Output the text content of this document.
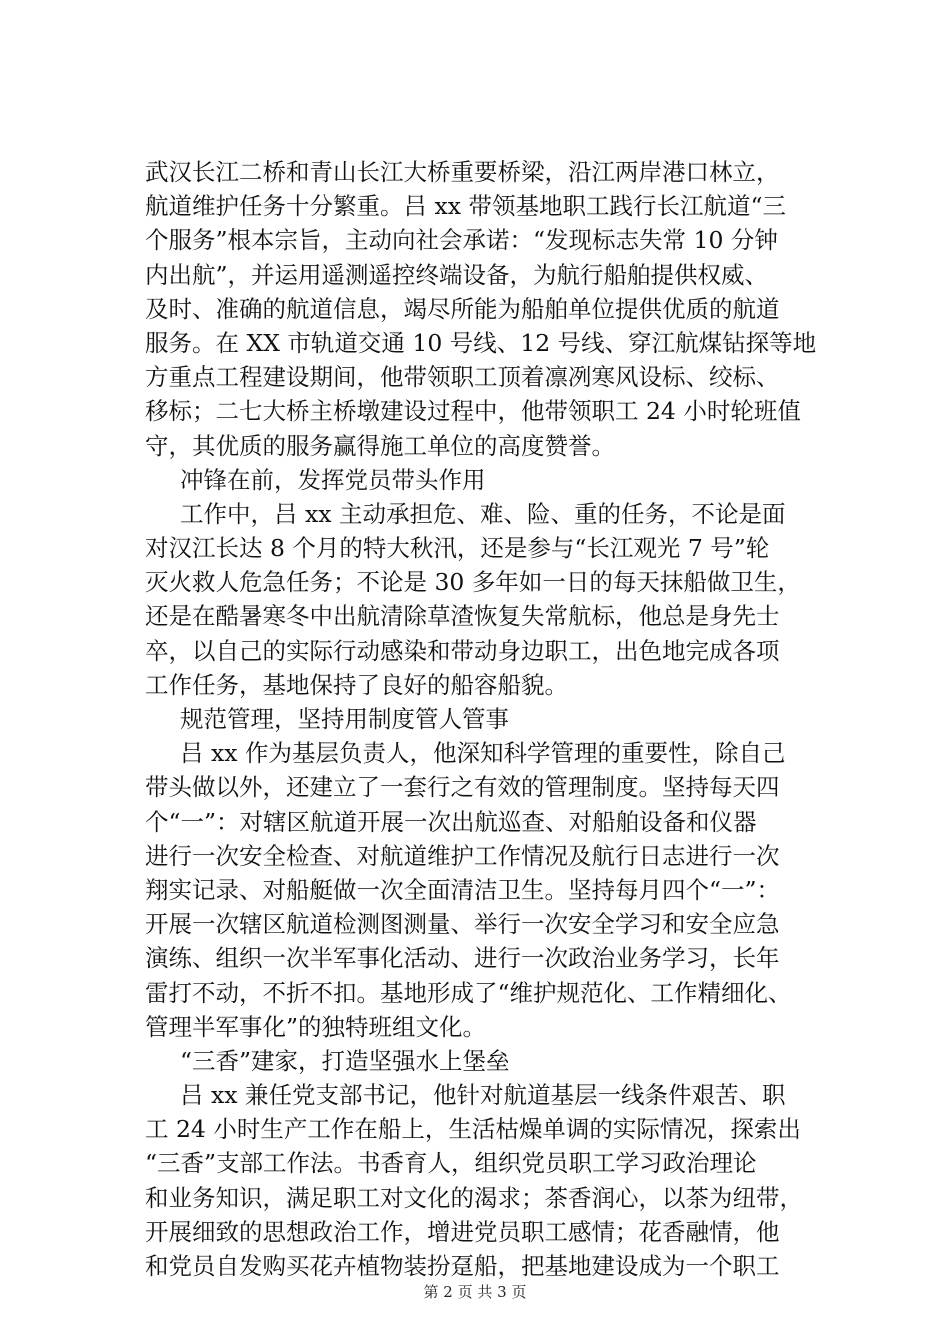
武汉长江二桥和青山长江大桥重要桥梁，沿江两岸港口林立，
航道维护任务十分繁重。吕 xx 带领基地职工践行长江航道“三
个服务”根本宗旨，主动向社会承诺：“发现标志失常 10 分钟
内出航”，并运用遥测遥控终端设备，为航行船舶提供权威、
及时、准确的航道信息，竭尽所能为船舶单位提供优质的航道
服务。在 XX 市轨道交通 10 号线、12 号线、穿江航煤钻探等地
方重点工程建设期间，他带领职工顶着凛冽寒风设标、绞标、
移标；二七大桥主桥墩建设过程中，他带领职工 24 小时轮班值
守，其优质的服务赢得施工单位的高度赞誉。
冲锋在前，发挥党员带头作用
工作中，吕 xx 主动承担危、难、险、重的任务，不论是面
对汉江长达 8 个月的特大秋汛，还是参与“长江观光 7 号”轮
灭火救人危急任务；不论是 30 多年如一日的每天抹船做卫生，
还是在酷暑寒冬中出航清除草渣恢复失常航标，他总是身先士
卒，以自己的实际行动感染和带动身边职工，出色地完成各项
工作任务，基地保持了良好的船容船貌。
规范管理，坚持用制度管人管事
吕 xx 作为基层负责人，他深知科学管理的重要性，除自己
带头做以外，还建立了一套行之有效的管理制度。坚持每天四
个“一”：对辖区航道开展一次出航巡查、对船舶设备和仪器
进行一次安全检查、对航道维护工作情况及航行日志进行一次
翔实记录、对船艇做一次全面清洁卫生。坚持每月四个“一”：
开展一次辖区航道检测图测量、举行一次安全学习和安全应急
演练、组织一次半军事化活动、进行一次政治业务学习，长年
雷打不动，不折不扣。基地形成了“维护规范化、工作精细化、
管理半军事化”的独特班组文化。
“三香”建家，打造坚强水上堡垒
吕 xx 兼任党支部书记，他针对航道基层一线条件艰苦、职
工 24 小时生产工作在船上，生活枯燥单调的实际情况，探索出
“三香”支部工作法。书香育人，组织党员职工学习政治理论
和业务知识，满足职工对文化的渴求；茶香润心，以茶为纽带，
开展细致的思想政治工作，增进党员职工感情；花香融情，他
和党员自发购买花卉植物装扮趸船，把基地建设成为一个职工
第 2 页 共 3 页
